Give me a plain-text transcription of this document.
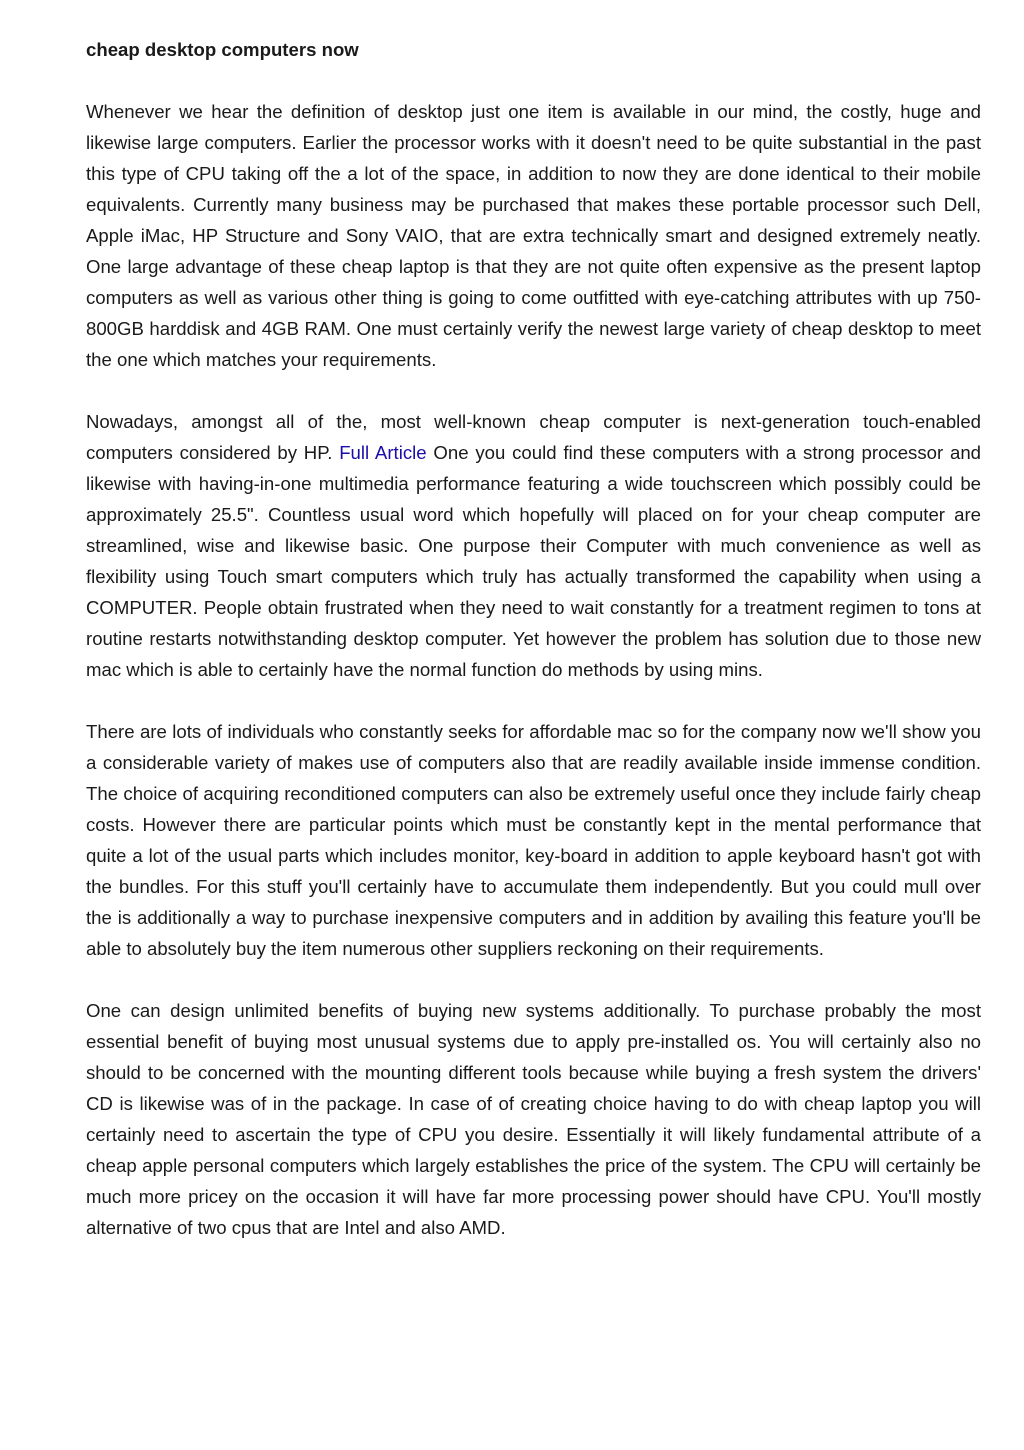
cheap desktop computers now

Whenever we hear the definition of desktop just one item is available in our mind, the costly, huge and likewise large computers. Earlier the processor works with it doesn't need to be quite substantial in the past this type of CPU taking off the a lot of the space, in addition to now they are done identical to their mobile equivalents. Currently many business may be purchased that makes these portable processor such Dell, Apple iMac, HP Structure and Sony VAIO, that are extra technically smart and designed extremely neatly. One large advantage of these cheap laptop is that they are not quite often expensive as the present laptop computers as well as various other thing is going to come outfitted with eye-catching attributes with up 750-800GB harddisk and 4GB RAM. One must certainly verify the newest large variety of cheap desktop to meet the one which matches your requirements.

Nowadays, amongst all of the, most well-known cheap computer is next-generation touch-enabled computers considered by HP. Full Article One you could find these computers with a strong processor and likewise with having-in-one multimedia performance featuring a wide touchscreen which possibly could be approximately 25.5". Countless usual word which hopefully will placed on for your cheap computer are streamlined, wise and likewise basic. One purpose their Computer with much convenience as well as flexibility using Touch smart computers which truly has actually transformed the capability when using a COMPUTER. People obtain frustrated when they need to wait constantly for a treatment regimen to tons at routine restarts notwithstanding desktop computer. Yet however the problem has solution due to those new mac which is able to certainly have the normal function do methods by using mins.

There are lots of individuals who constantly seeks for affordable mac so for the company now we'll show you a considerable variety of makes use of computers also that are readily available inside immense condition. The choice of acquiring reconditioned computers can also be extremely useful once they include fairly cheap costs. However there are particular points which must be constantly kept in the mental performance that quite a lot of the usual parts which includes monitor, key-board in addition to apple keyboard hasn't got with the bundles. For this stuff you'll certainly have to accumulate them independently. But you could mull over the is additionally a way to purchase inexpensive computers and in addition by availing this feature you'll be able to absolutely buy the item numerous other suppliers reckoning on their requirements.

One can design unlimited benefits of buying new systems additionally. To purchase probably the most essential benefit of buying most unusual systems due to apply pre-installed os. You will certainly also no should to be concerned with the mounting different tools because while buying a fresh system the drivers' CD is likewise was of in the package. In case of of creating choice having to do with cheap laptop you will certainly need to ascertain the type of CPU you desire. Essentially it will likely fundamental attribute of a cheap apple personal computers which largely establishes the price of the system. The CPU will certainly be much more pricey on the occasion it will have far more processing power should have CPU. You'll mostly alternative of two cpus that are Intel and also AMD.
